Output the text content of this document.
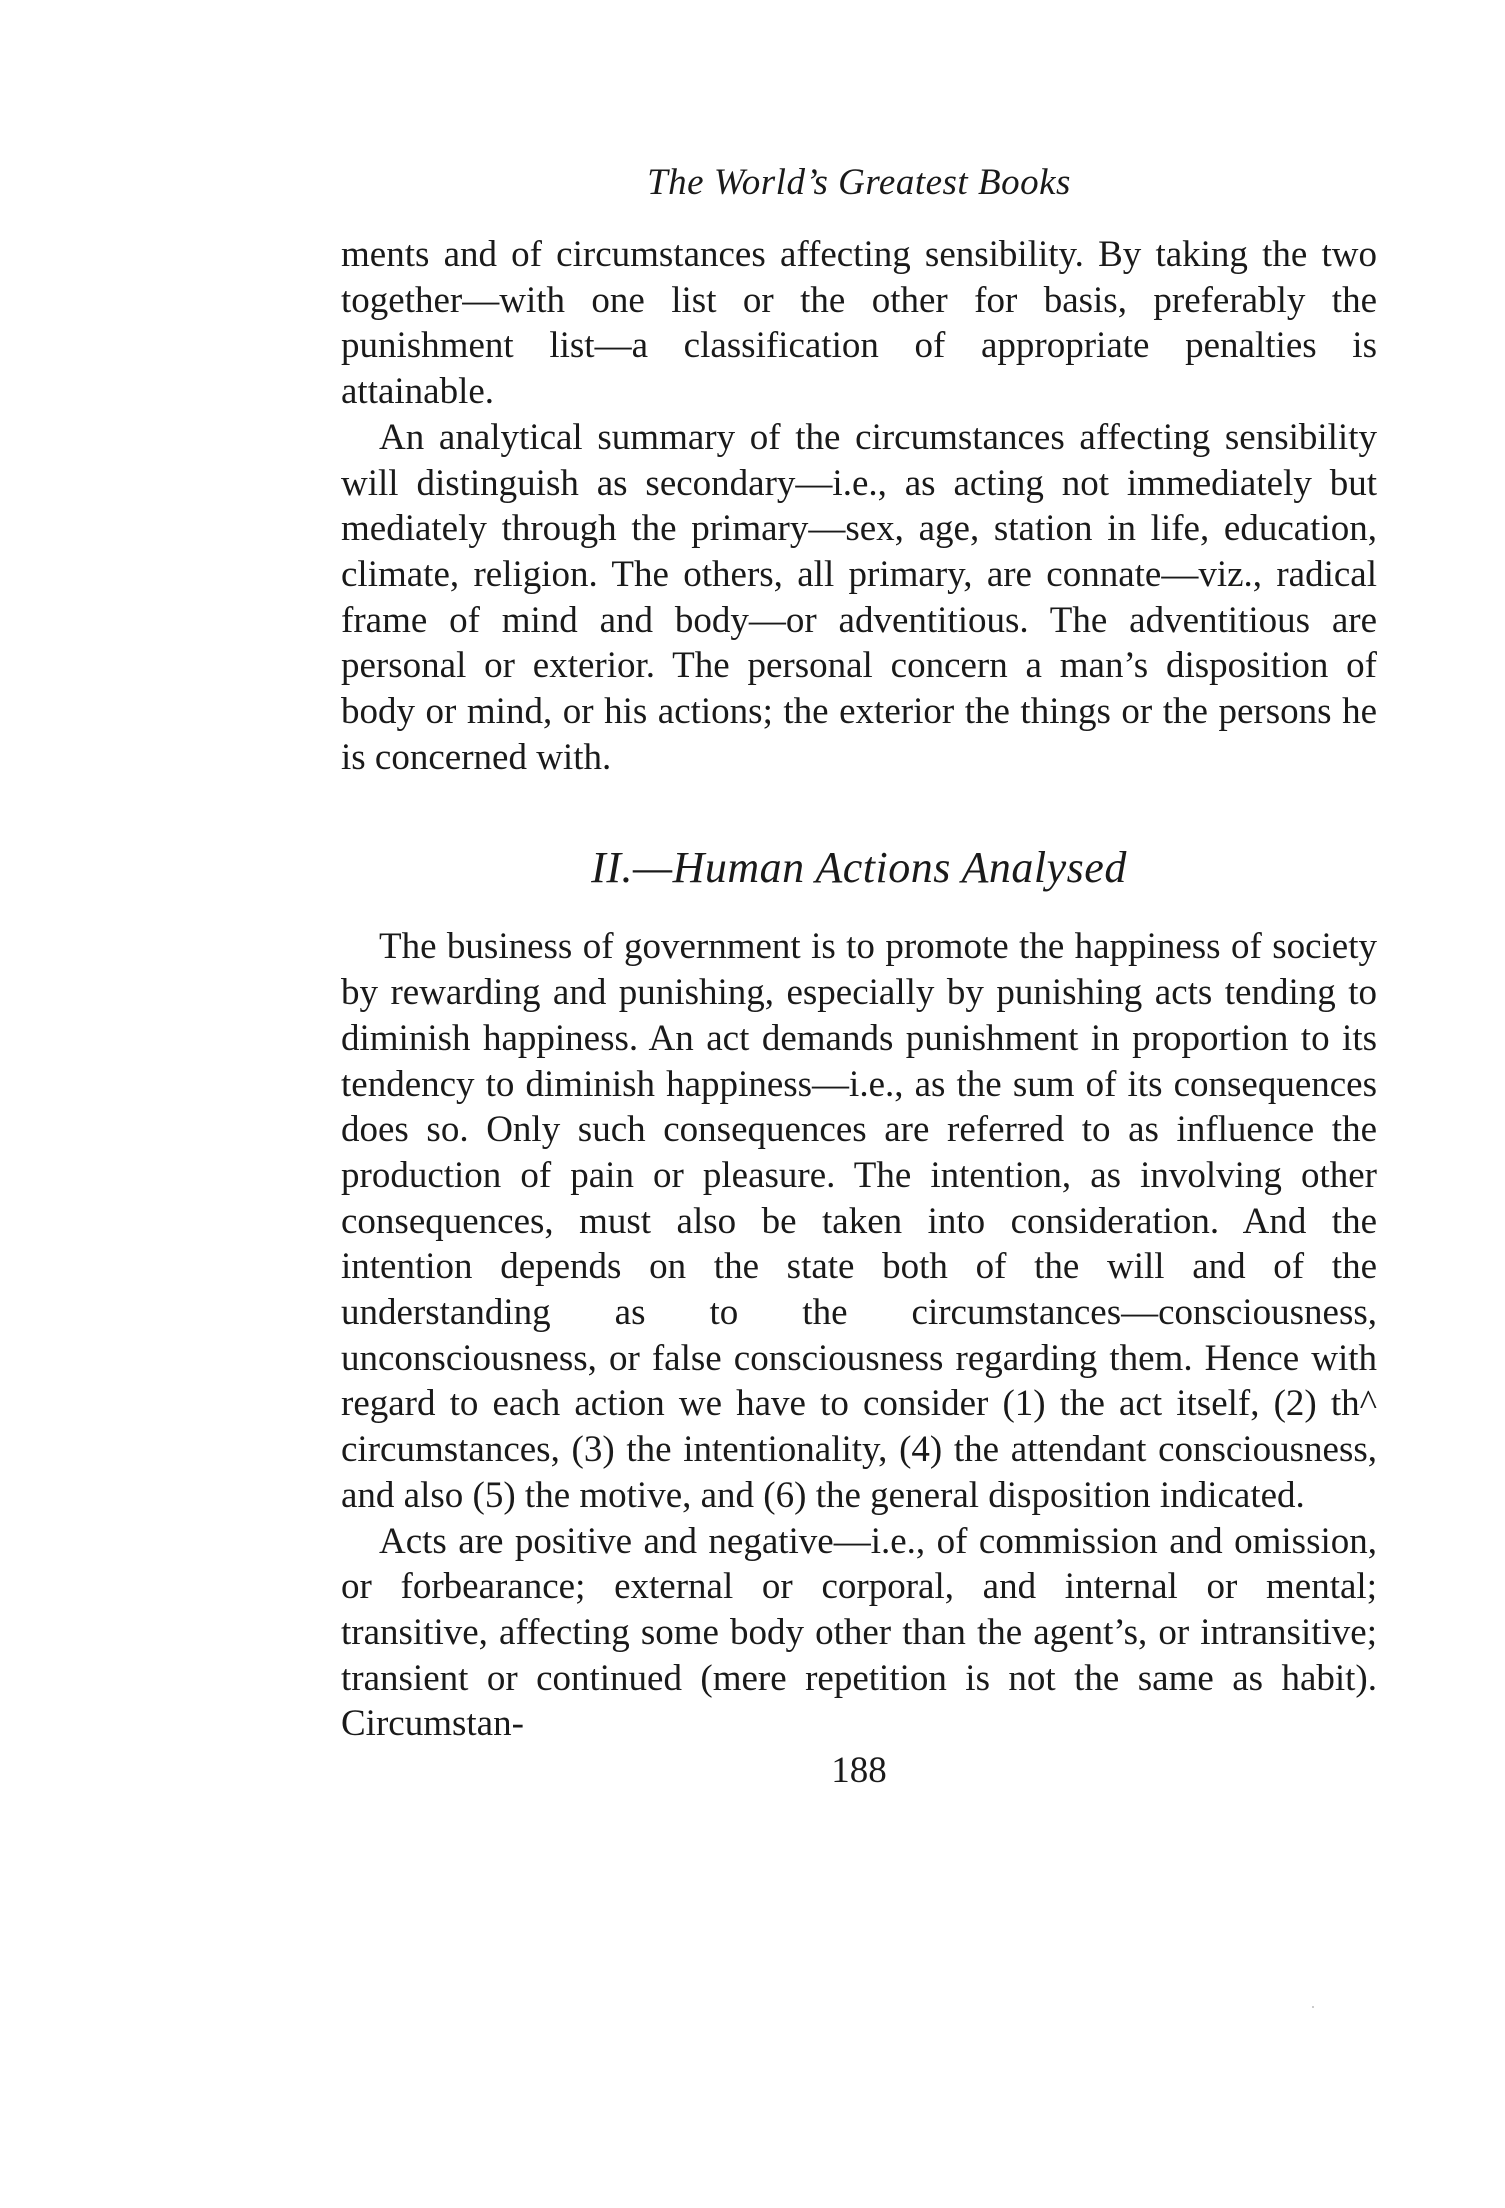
The World’s Greatest Books

ments and of circumstances affecting sensibility. By taking the two together—with one list or the other for basis, preferably the punishment list—a classification of appropriate penalties is attainable.

An analytical summary of the circumstances affecting sensibility will distinguish as secondary—i.e., as acting not immediately but mediately through the primary—sex, age, station in life, education, climate, religion. The others, all primary, are connate—viz., radical frame of mind and body—or adventitious. The adventitious are personal or exterior. The personal concern a man’s disposition of body or mind, or his actions; the exterior the things or the persons he is concerned with.

II.—Human Actions Analysed

The business of government is to promote the happiness of society by rewarding and punishing, especially by punishing acts tending to diminish happiness. An act demands punishment in proportion to its tendency to diminish happiness—i.e., as the sum of its consequences does so. Only such consequences are referred to as influence the production of pain or pleasure. The intention, as involving other consequences, must also be taken into consideration. And the intention depends on the state both of the will and of the understanding as to the circumstances—consciousness, unconsciousness, or false consciousness regarding them. Hence with regard to each action we have to consider (1) the act itself, (2) th^ circumstances, (3) the intentionality, (4) the attendant consciousness, and also (5) the motive, and (6) the general disposition indicated.

Acts are positive and negative—i.e., of commission and omission, or forbearance; external or corporal, and internal or mental; transitive, affecting some body other than the agent’s, or intransitive; transient or continued (mere repetition is not the same as habit). Circumstan-

188
